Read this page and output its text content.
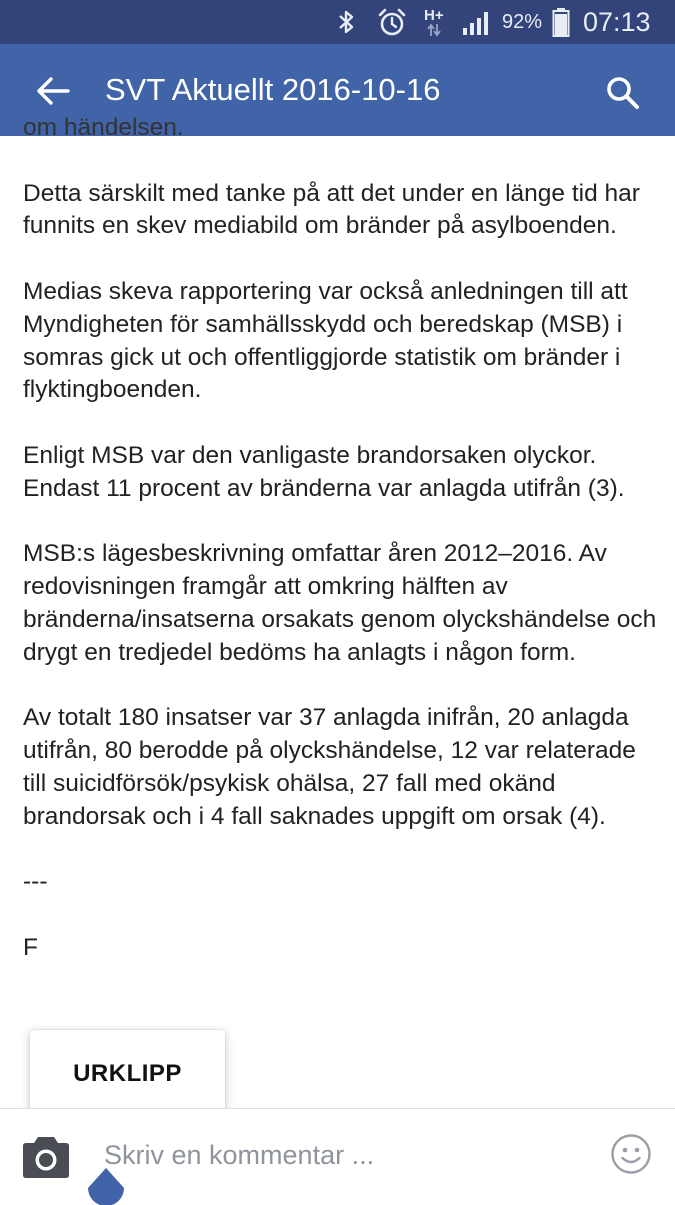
H+	92% 07:13
SVT Aktuellt 2016-10-16

om händelsen.

Detta särskilt med tanke på att det under en länge tid har funnits en skev mediabild om bränder på asylboenden.

Medias skeva rapportering var också anledningen till att Myndigheten för samhällsskydd och beredskap (MSB) i somras gick ut och offentliggjorde statistik om bränder i flyktingboenden.

Enligt MSB var den vanligaste brandorsaken olyckor. Endast 11 procent av bränderna var anlagda utifrån (3).

MSB:s lägesbeskrivning omfattar åren 2012–2016. Av redovisningen framgår att omkring hälften av bränderna/insatserna orsakats genom olyckshändelse och drygt en tredjedel bedöms ha anlagts i någon form.

Av totalt 180 insatser var 37 anlagda inifrån, 20 anlagda utifrån, 80 berodde på olyckshändelse, 12 var relaterade till suicidförsök/psykisk ohälsa, 27 fall med okänd brandorsak och i 4 fall saknades uppgift om orsak (4).

---

F

URKLIPP
Skriv en kommentar ...
